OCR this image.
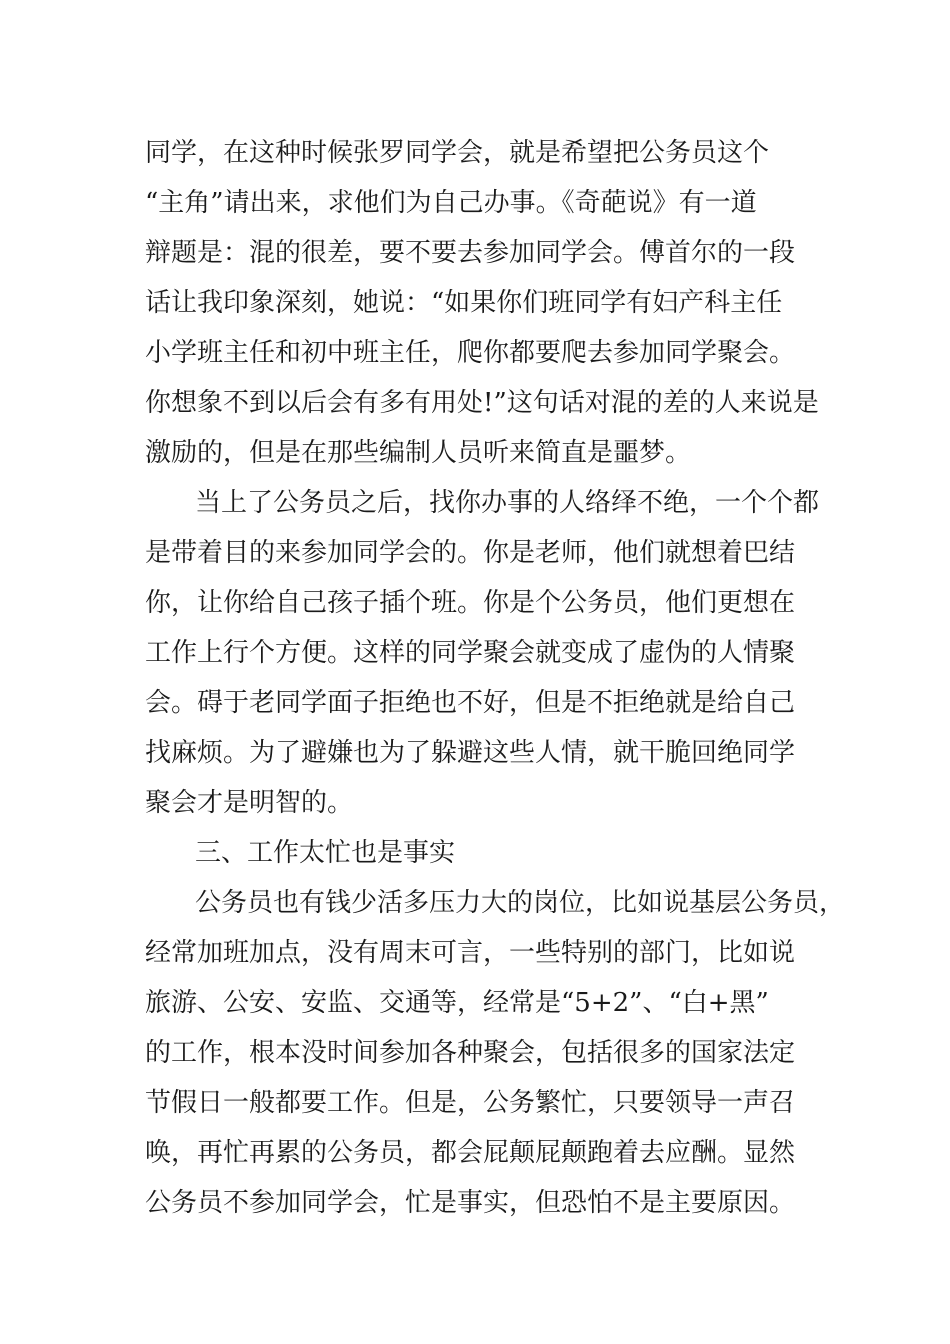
同学，在这种时候张罗同学会，就是希望把公务员这个
“主角”请出来，求他们为自己办事。《奇葩说》有一道
辩题是：混的很差，要不要去参加同学会。傅首尔的一段
话让我印象深刻，她说：“如果你们班同学有妇产科主任
小学班主任和初中班主任，爬你都要爬去参加同学聚会。
你想象不到以后会有多有用处!”这句话对混的差的人来说是
激励的，但是在那些编制人员听来简直是噩梦。
当上了公务员之后，找你办事的人络绎不绝，一个个都
是带着目的来参加同学会的。你是老师，他们就想着巴结
你，让你给自己孩子插个班。你是个公务员，他们更想在
工作上行个方便。这样的同学聚会就变成了虚伪的人情聚
会。碍于老同学面子拒绝也不好，但是不拒绝就是给自己
找麻烦。为了避嫌也为了躲避这些人情，就干脆回绝同学
聚会才是明智的。
三、工作太忙也是事实
公务员也有钱少活多压力大的岗位，比如说基层公务员，
经常加班加点，没有周末可言，一些特别的部门，比如说
旅游、公安、安监、交通等，经常是“5+2”、“白+黑”
的工作，根本没时间参加各种聚会，包括很多的国家法定
节假日一般都要工作。但是，公务繁忙，只要领导一声召
唤，再忙再累的公务员，都会屁颠屁颠跑着去应酬。显然
公务员不参加同学会，忙是事实，但恐怕不是主要原因。
